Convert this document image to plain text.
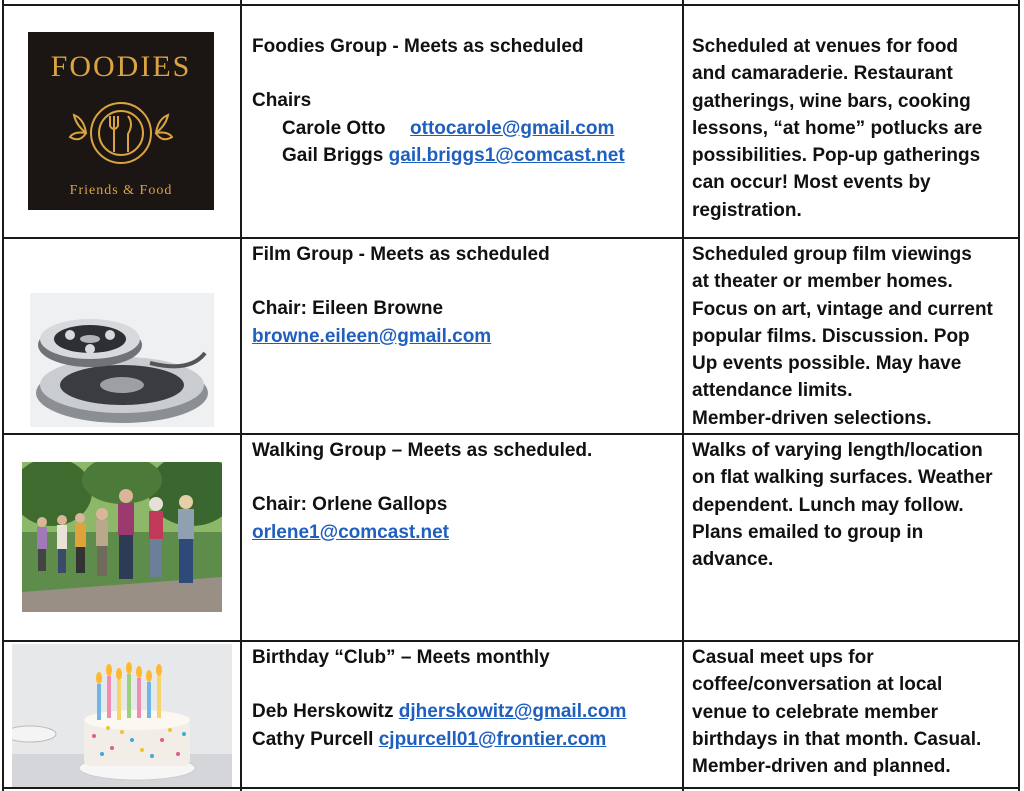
FOODIES
Friends & Food
Foodies Group - Meets as scheduled
Chairs
Carole Otto  ottocarole@gmail.com
Gail Briggs gail.briggs1@comcast.net
Scheduled at venues for food
and camaraderie. Restaurant
gatherings, wine bars, cooking
lessons, “at home” potlucks are
possibilities. Pop-up gatherings
can occur! Most events by
registration.
Film Group - Meets as scheduled
Chair: Eileen Browne
browne.eileen@gmail.com
Scheduled group film viewings
at theater or member homes.
Focus on art, vintage and current
popular films. Discussion. Pop
Up events possible. May have
attendance limits.
Member-driven selections.
Walking Group – Meets as scheduled.
Chair: Orlene Gallops
orlene1@comcast.net
Walks of varying length/location
on flat walking surfaces. Weather
dependent. Lunch may follow.
Plans emailed to group in
advance.
Birthday “Club” – Meets monthly
Deb Herskowitz djherskowitz@gmail.com
Cathy Purcell cjpurcell01@frontier.com
Casual meet ups for
coffee/conversation at local
venue to celebrate member
birthdays in that month. Casual.
Member-driven and planned.
